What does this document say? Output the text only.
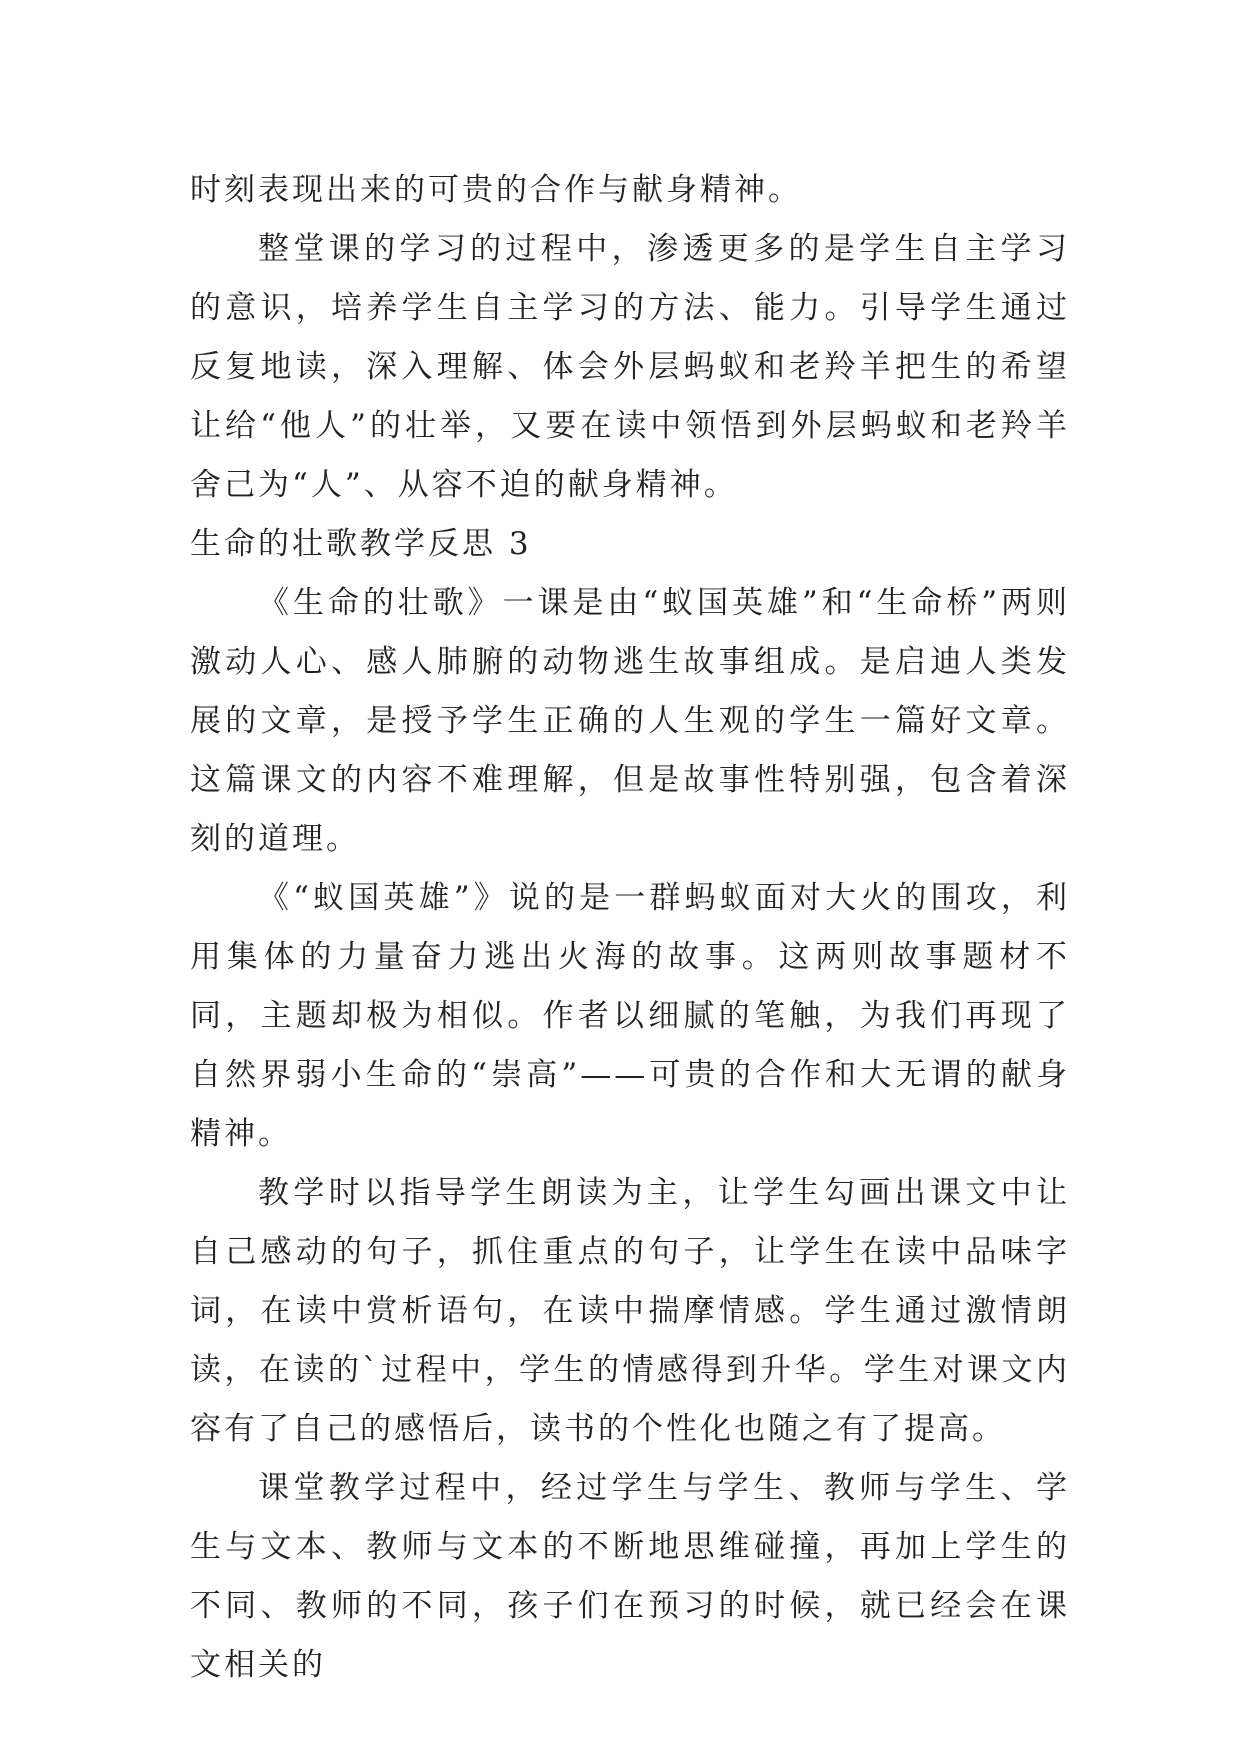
时刻表现出来的可贵的合作与献身精神。

整堂课的学习的过程中，渗透更多的是学生自主学习的意识，培养学生自主学习的方法、能力。引导学生通过反复地读，深入理解、体会外层蚂蚁和老羚羊把生的希望让给“他人”的壮举，又要在读中领悟到外层蚂蚁和老羚羊舍己为“人”、从容不迫的献身精神。

生命的壮歌教学反思 3

《生命的壮歌》一课是由“蚁国英雄”和“生命桥”两则激动人心、感人肺腑的动物逃生故事组成。是启迪人类发展的文章，是授予学生正确的人生观的学生一篇好文章。这篇课文的内容不难理解，但是故事性特别强，包含着深刻的道理。

《“蚁国英雄”》说的是一群蚂蚁面对大火的围攻，利用集体的力量奋力逃出火海的故事。这两则故事题材不同，主题却极为相似。作者以细腻的笔触，为我们再现了自然界弱小生命的“崇高”——可贵的合作和大无谓的献身精神。

教学时以指导学生朗读为主，让学生勾画出课文中让自己感动的句子，抓住重点的句子，让学生在读中品味字词，在读中赏析语句，在读中揣摩情感。学生通过激情朗读，在读的`过程中，学生的情感得到升华。学生对课文内容有了自己的感悟后，读书的个性化也随之有了提高。

课堂教学过程中，经过学生与学生、教师与学生、学生与文本、教师与文本的不断地思维碰撞，再加上学生的不同、教师的不同，孩子们在预习的时候，就已经会在课文相关的
